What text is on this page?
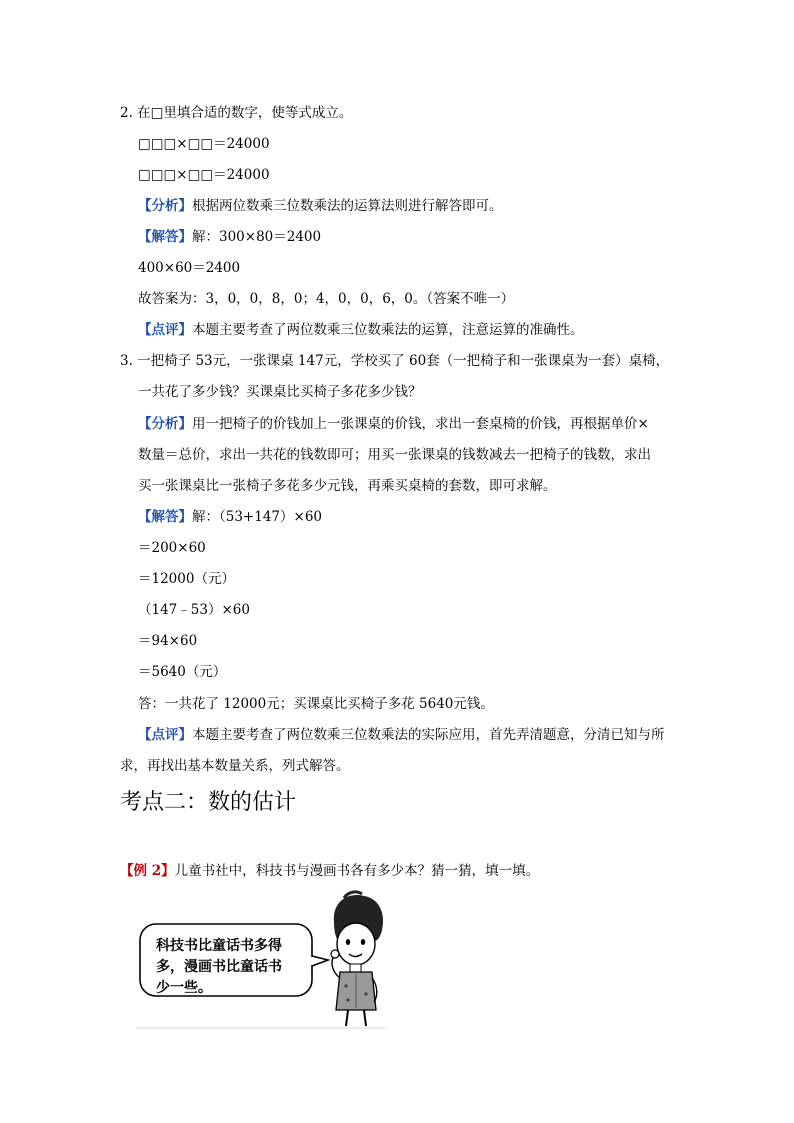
2. 在□里填合适的数字，使等式成立。
□□□×□□＝24000
□□□×□□＝24000
【分析】根据两位数乘三位数乘法的运算法则进行解答即可。
【解答】解：300×80＝2400
400×60＝2400
故答案为：3，0，0，8，0；4，0，0，6，0。（答案不唯一）
【点评】本题主要考查了两位数乘三位数乘法的运算，注意运算的准确性。
3. 一把椅子 53元，一张课桌 147元，学校买了 60套（一把椅子和一张课桌为一套）桌椅，
一共花了多少钱？买课桌比买椅子多花多少钱？
【分析】用一把椅子的价钱加上一张课桌的价钱，求出一套桌椅的价钱，再根据单价×
数量＝总价，求出一共花的钱数即可；用买一张课桌的钱数减去一把椅子的钱数，求出
买一张课桌比一张椅子多花多少元钱，再乘买桌椅的套数，即可求解。
【解答】解：（53+147）×60
＝200×60
＝12000（元）
（147﹣53）×60
＝94×60
＝5640（元）
答：一共花了 12000元；买课桌比买椅子多花 5640元钱。
【点评】本题主要考查了两位数乘三位数乘法的实际应用，首先弄清题意，分清已知与所
求，再找出基本数量关系，列式解答。
考点二：数的估计
【例 2】儿童书社中，科技书与漫画书各有多少本？猜一猜，填一填。
科技书比童话书多得
多，漫画书比童话书
少一些。
